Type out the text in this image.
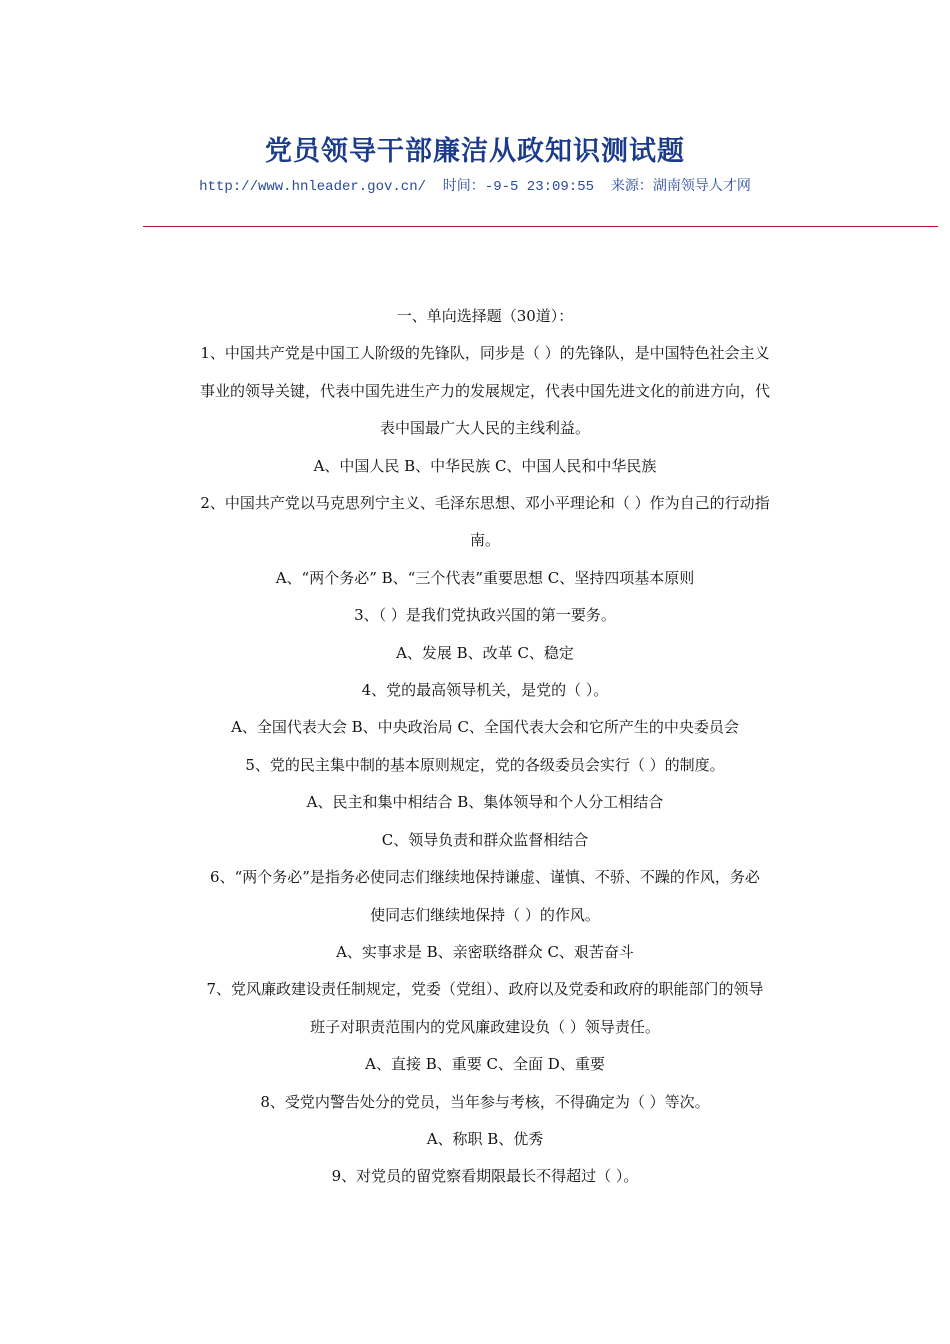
党员领导干部廉洁从政知识测试题
http://www.hnleader.gov.cn/  时间：-9-5 23:09:55  来源：湖南领导人才网

一、单向选择题（30道）：

1、中国共产党是中国工人阶级的先锋队，同步是（ ）的先锋队，是中国特色社会主义

事业的领导关键，代表中国先进生产力的发展规定，代表中国先进文化的前进方向，代

表中国最广大人民的主线利益。

A、中国人民 B、中华民族 C、中国人民和中华民族

2、中国共产党以马克思列宁主义、毛泽东思想、邓小平理论和（ ）作为自己的行动指

南。

A、“两个务必” B、“三个代表”重要思想 C、坚持四项基本原则

3、（ ）是我们党执政兴国的第一要务。

A、发展 B、改革 C、稳定

4、党的最高领导机关，是党的（ ）。

A、全国代表大会 B、中央政治局 C、全国代表大会和它所产生的中央委员会

5、党的民主集中制的基本原则规定，党的各级委员会实行（ ）的制度。

A、民主和集中相结合 B、集体领导和个人分工相结合

C、领导负责和群众监督相结合

6、“两个务必”是指务必使同志们继续地保持谦虚、谨慎、不骄、不躁的作风，务必

使同志们继续地保持（ ）的作风。

A、实事求是 B、亲密联络群众 C、艰苦奋斗

7、党风廉政建设责任制规定，党委（党组）、政府以及党委和政府的职能部门的领导

班子对职责范围内的党风廉政建设负（ ）领导责任。

A、直接 B、重要 C、全面 D、重要

8、受党内警告处分的党员，当年参与考核，不得确定为（ ）等次。

A、称职 B、优秀

9、对党员的留党察看期限最长不得超过（ ）。
